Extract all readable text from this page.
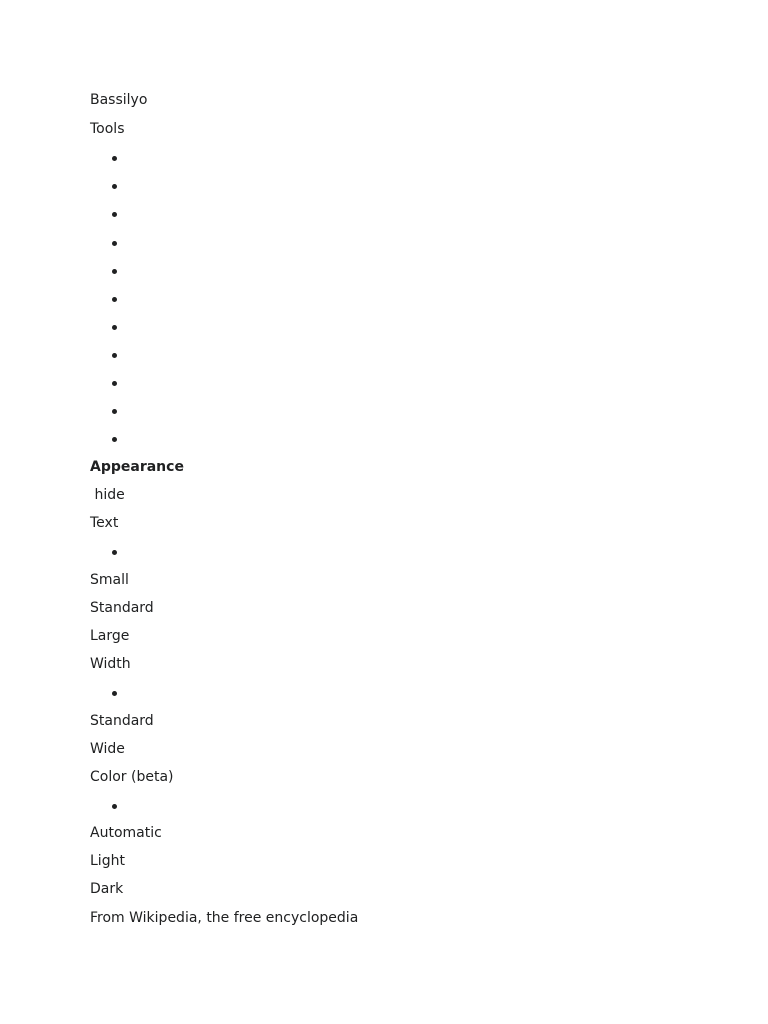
Bassilyo
Tools
Appearance
hide
Text
Small
Standard
Large
Width
Standard
Wide
Color (beta)
Automatic
Light
Dark
From Wikipedia, the free encyclopedia
